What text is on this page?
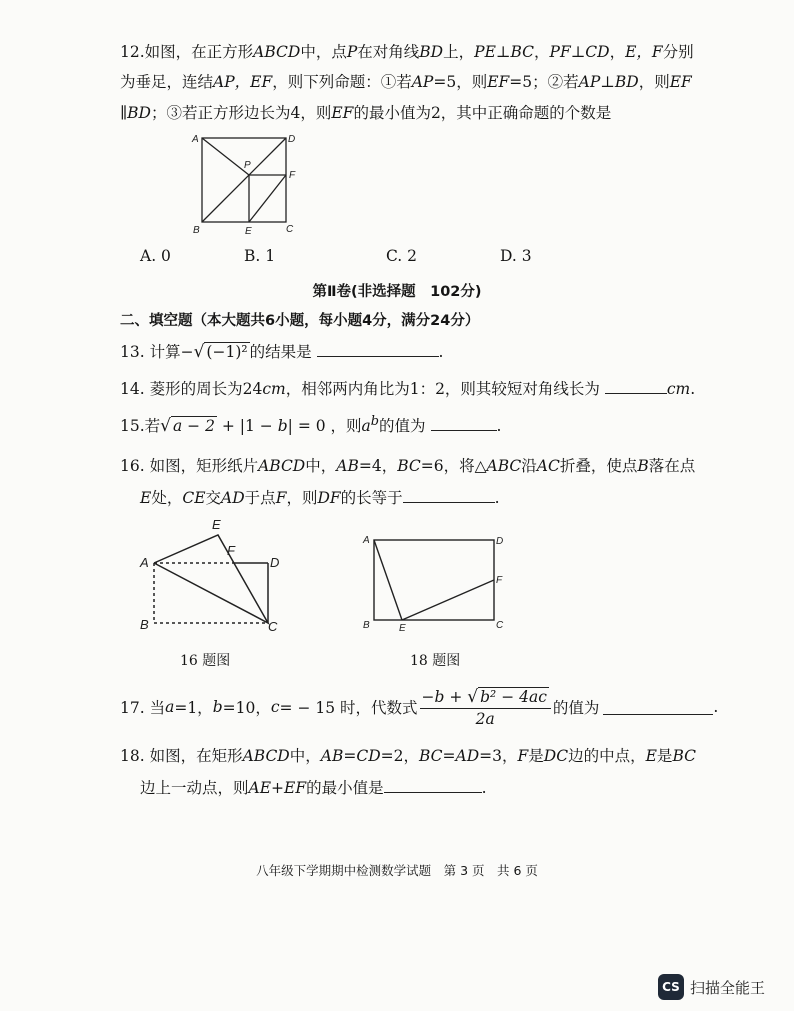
12.如图，在正方形ABCD中，点P在对角线BD上，PE⊥BC，PF⊥CD，E，F分别
为垂足，连结AP，EF，则下列命题：①若AP=5，则EF=5；②若AP⊥BD，则EF
∥BD；③若正方形边长为4，则EF的最小值为2，其中正确命题的个数是
A	D
P
F
B	E	C
A. 0	B. 1	C. 2	D. 3
第Ⅱ卷(非选择题　102分)
二、填空题（本大题共6小题，每小题4分，满分24分）
13. 计算−√ (−1)² 的结果是	.
14. 菱形的周长为24cm，相邻两内角比为1：2，则其较短对角线长为	cm.
15.若√ a − 2 + |1 − b| = 0 ，则$a^b$的值为	.
16. 如图，矩形纸片ABCD中，AB=4，BC=6，将△ABC沿AC折叠，使点B落在点
E处，CE交AD于点F，则DF的长等于	.
E
A
F
D
B	C
A	D
F
B	E	C
16 题图	18 题图
17. 当 a =1， b =10， c = − 15 时，代数式 $\frac{\text{−b + √ b² − 4ac}}{2a}$ 的值为	.
18. 如图，在矩形ABCD中，AB=CD=2，BC=AD=3，F是DC边的中点，E是BC
边上一动点，则AE+EF的最小值是	.
八年级下学期期中检测数学试题　第 3 页　共 6 页
CS 扫描全能王
